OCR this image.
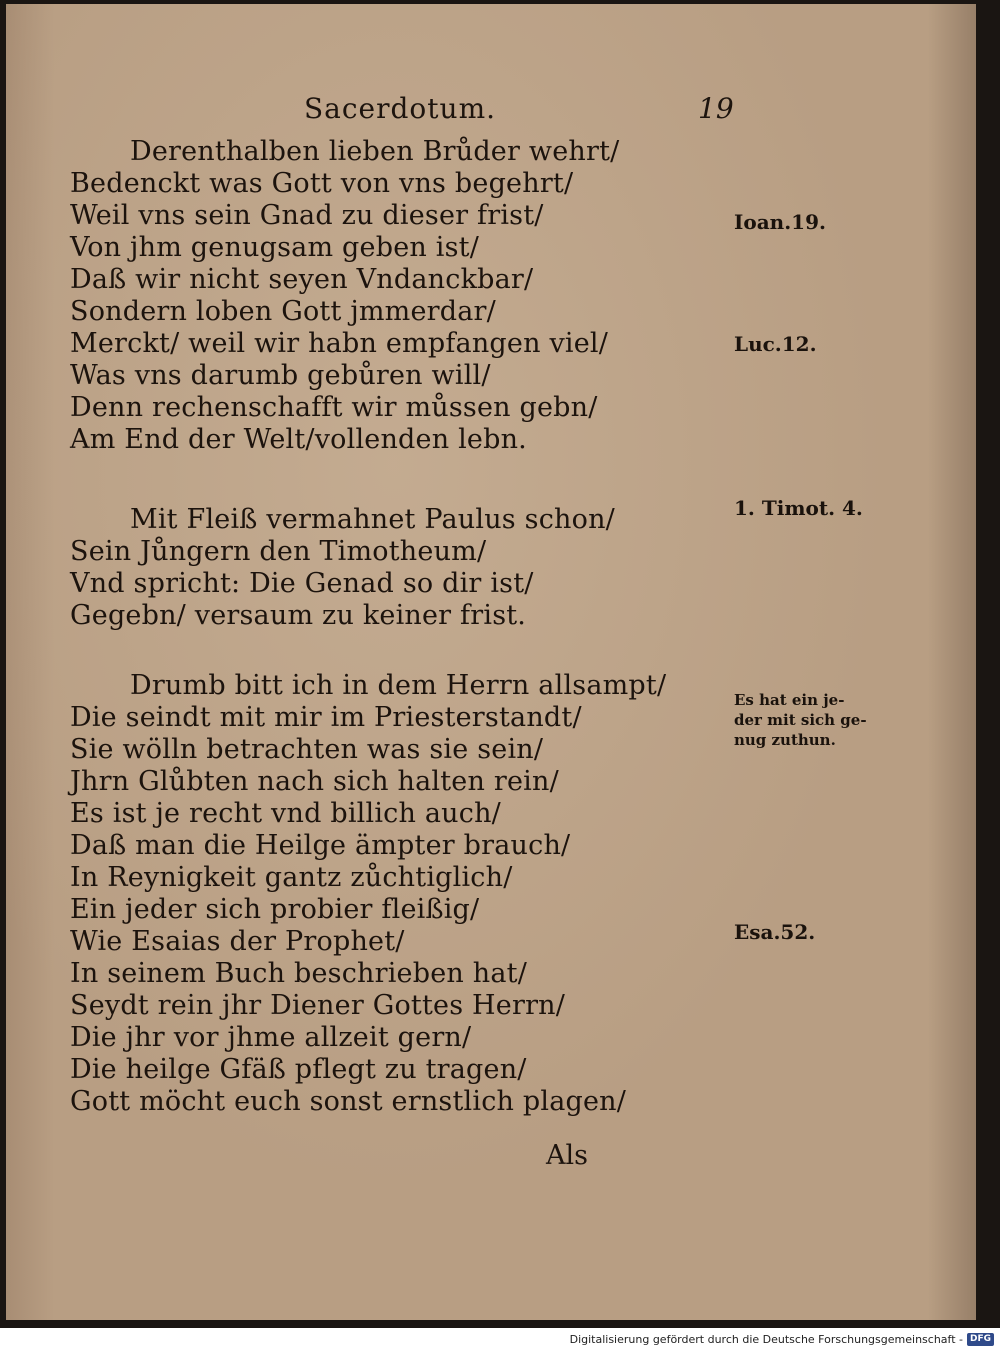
Sacerdotum.	19
Derenthalben lieben Brůder wehrt/
Bedenckt was Gott von vns begehrt/
Weil vns sein Gnad zu dieser frist/
Von jhm genugsam geben ist/
Daß wir nicht seyen Vndanckbar/
Sondern loben Gott jmmerdar/
Merckt/ weil wir habn empfangen viel/
Was vns darumb gebůren will/
Denn rechenschafft wir můssen gebn/
Am End der Welt/vollenden lebn.
Mit Fleiß vermahnet Paulus schon/
Sein Jůngern den Timotheum/
Vnd spricht: Die Genad so dir ist/
Gegebn/ versaum zu keiner frist.
Drumb bitt ich in dem Herrn allsampt/
Die seindt mit mir im Priesterstandt/
Sie wölln betrachten was sie sein/
Jhrn Glůbten nach sich halten rein/
Es ist je recht vnd billich auch/
Daß man die Heilge ämpter brauch/
In Reynigkeit gantz zůchtiglich/
Ein jeder sich probier fleißig/
Wie Esaias der Prophet/
In seinem Buch beschrieben hat/
Seydt rein jhr Diener Gottes Herrn/
Die jhr vor jhme allzeit gern/
Die heilge Gfäß pflegt zu tragen/
Gott möcht euch sonst ernstlich plagen/
Als
Ioan.19.
Luc.12.
1. Timot. 4.
Es hat ein je-
der mit sich ge-
nug zuthun.
Esa.52.
Digitalisierung gefördert durch die Deutsche Forschungsgemeinschaft - DFG
